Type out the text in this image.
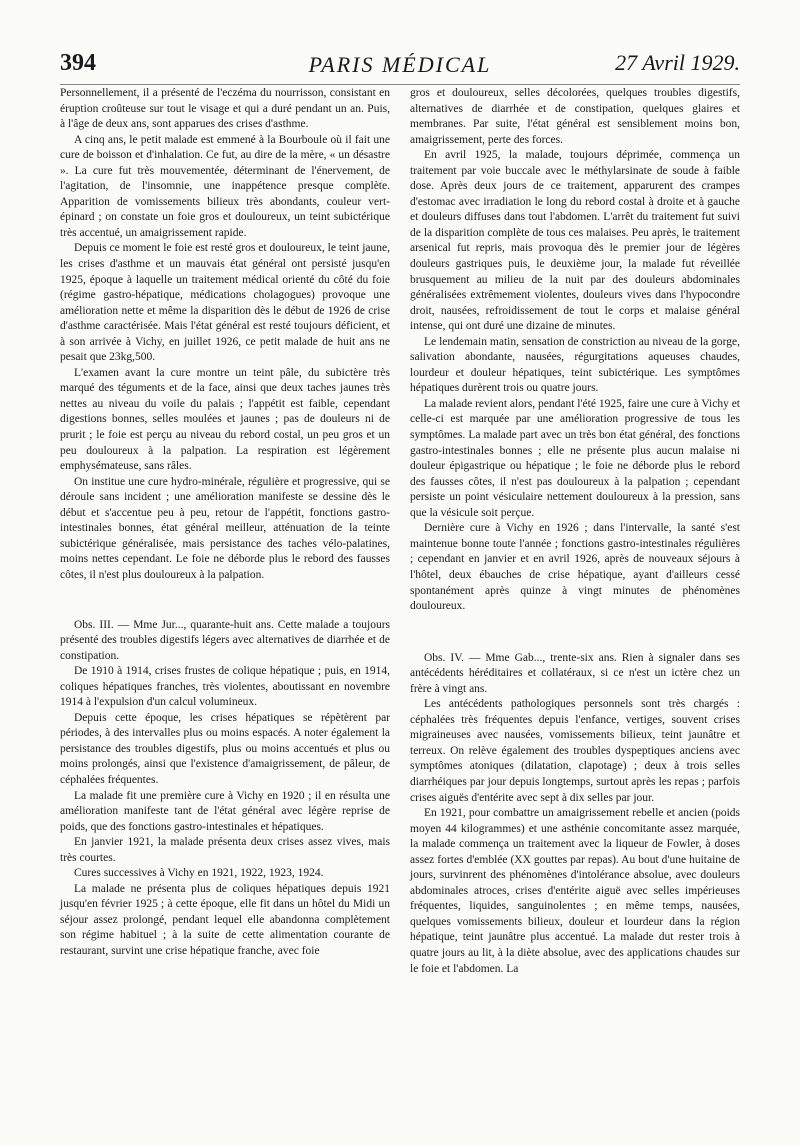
394	PARIS MÉDICAL	27 Avril 1929.

Personnellement, il a présenté de l'eczéma du nourrisson, consistant en éruption croûteuse sur tout le visage et qui a duré pendant un an. Puis, à l'âge de deux ans, sont apparues des crises d'asthme.

A cinq ans, le petit malade est emmené à la Bourboule où il fait une cure de boisson et d'inhalation. Ce fut, au dire de la mère, « un désastre ». La cure fut très mouvementée, déterminant de l'énervement, de l'agitation, de l'insomnie, une inappétence presque complète. Apparition de vomissements bilieux très abondants, couleur vert-épinard ; on constate un foie gros et douloureux, un teint subictérique très accentué, un amaigrissement rapide.

Depuis ce moment le foie est resté gros et douloureux, le teint jaune, les crises d'asthme et un mauvais état général ont persisté jusqu'en 1925, époque à laquelle un traitement médical orienté du côté du foie (régime gastro-hépatique, médications cholagogues) provoque une amélioration nette et même la disparition dès le début de 1926 de crise d'asthme caractérisée. Mais l'état général est resté toujours déficient, et à son arrivée à Vichy, en juillet 1926, ce petit malade de huit ans ne pesait que 23kg,500.

L'examen avant la cure montre un teint pâle, du subictère très marqué des téguments et de la face, ainsi que deux taches jaunes très nettes au niveau du voile du palais ; l'appétit est faible, cependant digestions bonnes, selles moulées et jaunes ; pas de douleurs ni de prurit ; le foie est perçu au niveau du rebord costal, un peu gros et un peu douloureux à la palpation. La respiration est légèrement emphysémateuse, sans râles.

On institue une cure hydro-minérale, régulière et progressive, qui se déroule sans incident ; une amélioration manifeste se dessine dès le début et s'accentue peu à peu, retour de l'appétit, fonctions gastro-intestinales bonnes, état général meilleur, atténuation de la teinte subictérique généralisée, mais persistance des taches vélo-palatines, moins nettes cependant. Le foie ne déborde plus le rebord des fausses côtes, il n'est plus douloureux à la palpation.

Obs. III. — Mme Jur..., quarante-huit ans. Cette malade a toujours présenté des troubles digestifs légers avec alternatives de diarrhée et de constipation.

De 1910 à 1914, crises frustes de colique hépatique ; puis, en 1914, coliques hépatiques franches, très violentes, aboutissant en novembre 1914 à l'expulsion d'un calcul volumineux.

Depuis cette époque, les crises hépatiques se répètèrent par périodes, à des intervalles plus ou moins espacés. A noter également la persistance des troubles digestifs, plus ou moins accentués et plus ou moins prolongés, ainsi que l'existence d'amaigrissement, de pâleur, de céphalées fréquentes.

La malade fit une première cure à Vichy en 1920 ; il en résulta une amélioration manifeste tant de l'état général avec légère reprise de poids, que des fonctions gastro-intestinales et hépatiques.

En janvier 1921, la malade présenta deux crises assez vives, mais très courtes.

Cures successives à Vichy en 1921, 1922, 1923, 1924.

La malade ne présenta plus de coliques hépatiques depuis 1921 jusqu'en février 1925 ; à cette époque, elle fit dans un hôtel du Midi un séjour assez prolongé, pendant lequel elle abandonna complètement son régime habituel ; à la suite de cette alimentation courante de restaurant, survint une crise hépatique franche, avec foie

gros et douloureux, selles décolorées, quelques troubles digestifs, alternatives de diarrhée et de constipation, quelques glaires et membranes. Par suite, l'état général est sensiblement moins bon, amaigrissement, perte des forces.

En avril 1925, la malade, toujours déprimée, commença un traitement par voie buccale avec le méthylarsinate de soude à faible dose. Après deux jours de ce traitement, apparurent des crampes d'estomac avec irradiation le long du rebord costal à droite et à gauche et douleurs diffuses dans tout l'abdomen. L'arrêt du traitement fut suivi de la disparition complète de tous ces malaises. Peu après, le traitement arsenical fut repris, mais provoqua dès le premier jour de légères douleurs gastriques puis, le deuxième jour, la malade fut réveillée brusquement au milieu de la nuit par des douleurs abdominales généralisées extrêmement violentes, douleurs vives dans l'hypocondre droit, nausées, refroidissement de tout le corps et malaise général intense, qui ont duré une dizaine de minutes.

Le lendemain matin, sensation de constriction au niveau de la gorge, salivation abondante, nausées, régurgitations aqueuses chaudes, lourdeur et douleur hépatiques, teint subictérique. Les symptômes hépatiques durèrent trois ou quatre jours.

La malade revient alors, pendant l'été 1925, faire une cure à Vichy et celle-ci est marquée par une amélioration progressive de tous les symptômes. La malade part avec un très bon état général, des fonctions gastro-intestinales bonnes ; elle ne présente plus aucun malaise ni douleur épigastrique ou hépatique ; le foie ne déborde plus le rebord des fausses côtes, il n'est pas douloureux à la palpation ; cependant persiste un point vésiculaire nettement douloureux à la pression, sans que la vésicule soit perçue.

Dernière cure à Vichy en 1926 ; dans l'intervalle, la santé s'est maintenue bonne toute l'année ; fonctions gastro-intestinales régulières ; cependant en janvier et en avril 1926, après de nouveaux séjours à l'hôtel, deux ébauches de crise hépatique, ayant d'ailleurs cessé spontanément après quinze à vingt minutes de phénomènes douloureux.

Obs. IV. — Mme Gab..., trente-six ans. Rien à signaler dans ses antécédents héréditaires et collatéraux, si ce n'est un ictère chez un frère à vingt ans.

Les antécédents pathologiques personnels sont très chargés : céphalées très fréquentes depuis l'enfance, vertiges, souvent crises migraineuses avec nausées, vomissements bilieux, teint jaunâtre et terreux. On relève également des troubles dyspeptiques anciens avec symptômes atoniques (dilatation, clapotage) ; deux à trois selles diarrhéiques par jour depuis longtemps, surtout après les repas ; parfois crises aiguës d'entérite avec sept à dix selles par jour.

En 1921, pour combattre un amaigrissement rebelle et ancien (poids moyen 44 kilogrammes) et une asthénie concomitante assez marquée, la malade commença un traitement avec la liqueur de Fowler, à doses assez fortes d'emblée (XX gouttes par repas). Au bout d'une huitaine de jours, survinrent des phénomènes d'intolérance absolue, avec douleurs abdominales atroces, crises d'entérite aiguë avec selles impérieuses fréquentes, liquides, sanguinolentes ; en même temps, nausées, quelques vomissements bilieux, douleur et lourdeur dans la région hépatique, teint jaunâtre plus accentué. La malade dut rester trois à quatre jours au lit, à la diète absolue, avec des applications chaudes sur le foie et l'abdomen. La
